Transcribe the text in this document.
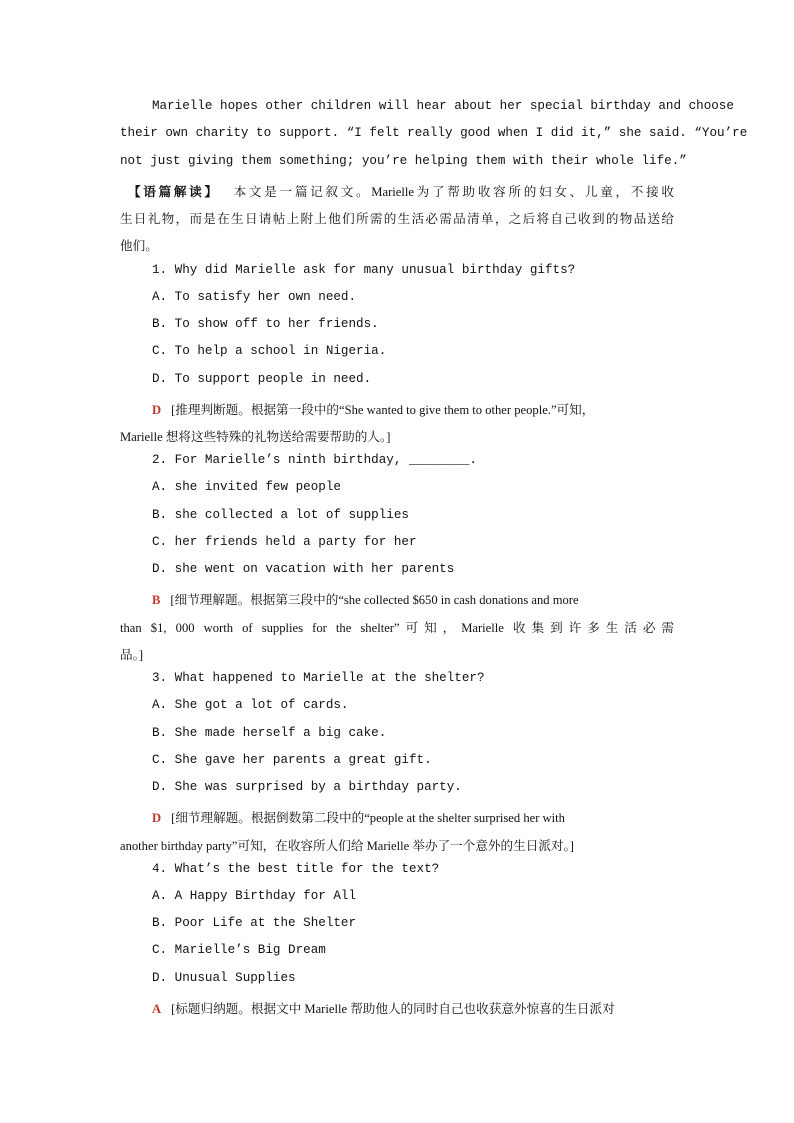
Marielle hopes other children will hear about her special birthday and choose
their own charity to support. “I felt really good when I did it,” she said. “You’re
not just giving them something; you’re helping them with their whole life.”
【语篇解读】 本文是一篇记叙文。Marielle为了帮助收容所的妇女、儿童，不接收
生日礼物，而是在生日请帖上附上他们所需的生活必需品清单，之后将自己收到的物品送给
他们。
1. Why did Marielle ask for many unusual birthday gifts?
A. To satisfy her own need.
B. To show off to her friends.
C. To help a school in Nigeria.
D. To support people in need.
D [推理判断题。根据第一段中的“She wanted to give them to other people.”可知，
Marielle 想将这些特殊的礼物送给需要帮助的人。]
2. For Marielle’s ninth birthday, ________.
A. she invited few people
B. she collected a lot of supplies
C. her friends held a party for her
D. she went on vacation with her parents
B [细节理解题。根据第三段中的“she collected $650 in cash donations and more
than $1, 000 worth of supplies for the shelter”可知，Marielle 收集到许多生活必需
品。]
3. What happened to Marielle at the shelter?
A. She got a lot of cards.
B. She made herself a big cake.
C. She gave her parents a great gift.
D. She was surprised by a birthday party.
D [细节理解题。根据倒数第二段中的“people at the shelter surprised her with
another birthday party”可知，在收容所人们给 Marielle 举办了一个意外的生日派对。]
4. What’s the best title for the text?
A. A Happy Birthday for All
B. Poor Life at the Shelter
C. Marielle’s Big Dream
D. Unusual Supplies
A [标题归纳题。根据文中 Marielle 帮助他人的同时自己也收获意外惊喜的生日派对
